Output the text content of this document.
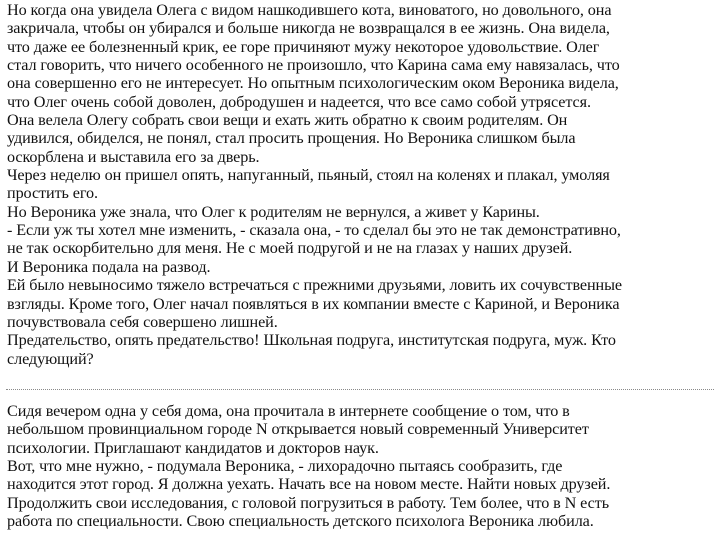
Но когда она увидела Олега с видом нашкодившего кота, виноватого, но довольного, она
закричала, чтобы он убирался и больше никогда не возвращался в ее жизнь. Она видела,
что даже ее болезненный крик, ее горе причиняют мужу некоторое удовольствие. Олег
стал говорить, что ничего особенного не произошло, что Карина сама ему навязалась, что
она совершенно его не интересует. Но опытным психологическим оком Вероника видела,
что Олег очень собой доволен, добродушен и надеется, что все само собой утрясется.
Она велела Олегу собрать свои вещи и ехать жить обратно к своим родителям. Он
удивился, обиделся, не понял, стал просить прощения. Но Вероника слишком была
оскорблена и выставила его за дверь.
Через неделю он пришел опять, напуганный, пьяный, стоял на коленях и плакал, умоляя
простить его.
Но Вероника уже знала, что Олег к родителям не вернулся, а живет у Карины.
- Если уж ты хотел мне изменить, - сказала она, - то сделал бы это не так демонстративно,
не так оскорбительно для меня. Не с моей подругой и не на глазах у наших друзей.
И Вероника подала на развод.
Ей было невыносимо тяжело встречаться с прежними друзьями, ловить их сочувственные
взгляды. Кроме того, Олег начал появляться в их компании вместе с Кариной, и Вероника
почувствовала себя совершено лишней.
Предательство, опять предательство! Школьная подруга, институтская подруга, муж. Кто
следующий?
Сидя вечером одна у себя дома, она прочитала в интернете сообщение о том, что в
небольшом провинциальном городе N открывается новый современный Университет
психологии. Приглашают кандидатов и докторов наук.
Вот, что мне нужно, - подумала Вероника, - лихорадочно пытаясь сообразить, где
находится этот город. Я должна уехать. Начать все на новом месте. Найти новых друзей.
Продолжить свои исследования, с головой погрузиться в работу. Тем более, что в N есть
работа по специальности. Свою специальность детского психолога Вероника любила.
